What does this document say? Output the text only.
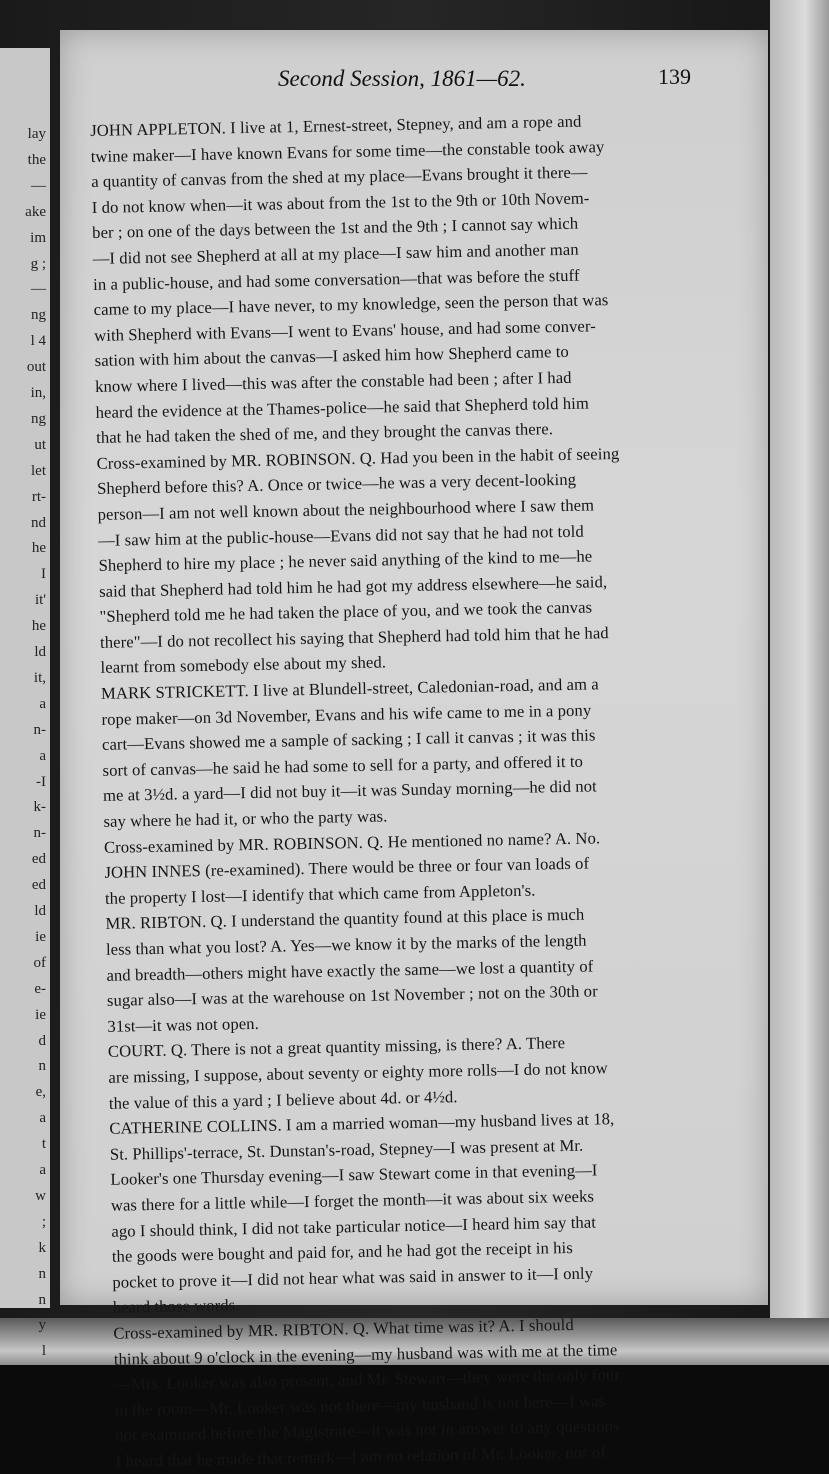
lay
the
—
ake
im
g ;
—
ng
l 4
out
in,
ng
ut
let
rt-
nd
he
I
it'
he
ld
it,
a
n-
a
-I
k-
n-
ed
ed
ld
ie
of
e-
ie
d
n
e,
a
t
a
w
;
k
n
n
y
l
Second Session, 1861—62.	139
JOHN APPLETON. I live at 1, Ernest-street, Stepney, and am a rope and
twine maker—I have known Evans for some time—the constable took away
a quantity of canvas from the shed at my place—Evans brought it there—
I do not know when—it was about from the 1st to the 9th or 10th Novem-
ber ; on one of the days between the 1st and the 9th ; I cannot say which
—I did not see Shepherd at all at my place—I saw him and another man
in a public-house, and had some conversation—that was before the stuff
came to my place—I have never, to my knowledge, seen the person that was
with Shepherd with Evans—I went to Evans' house, and had some conver-
sation with him about the canvas—I asked him how Shepherd came to
know where I lived—this was after the constable had been ; after I had
heard the evidence at the Thames-police—he said that Shepherd told him
that he had taken the shed of me, and they brought the canvas there.
Cross-examined by MR. ROBINSON. Q. Had you been in the habit of seeing
Shepherd before this? A. Once or twice—he was a very decent-looking
person—I am not well known about the neighbourhood where I saw them
—I saw him at the public-house—Evans did not say that he had not told
Shepherd to hire my place ; he never said anything of the kind to me—he
said that Shepherd had told him he had got my address elsewhere—he said,
"Shepherd told me he had taken the place of you, and we took the canvas
there"—I do not recollect his saying that Shepherd had told him that he had
learnt from somebody else about my shed.
MARK STRICKETT. I live at Blundell-street, Caledonian-road, and am a
rope maker—on 3d November, Evans and his wife came to me in a pony
cart—Evans showed me a sample of sacking ; I call it canvas ; it was this
sort of canvas—he said he had some to sell for a party, and offered it to
me at 3½d. a yard—I did not buy it—it was Sunday morning—he did not
say where he had it, or who the party was.
Cross-examined by MR. ROBINSON. Q. He mentioned no name? A. No.
JOHN INNES (re-examined). There would be three or four van loads of
the property I lost—I identify that which came from Appleton's.
MR. RIBTON. Q. I understand the quantity found at this place is much
less than what you lost? A. Yes—we know it by the marks of the length
and breadth—others might have exactly the same—we lost a quantity of
sugar also—I was at the warehouse on 1st November ; not on the 30th or
31st—it was not open.
COURT. Q. There is not a great quantity missing, is there? A. There
are missing, I suppose, about seventy or eighty more rolls—I do not know
the value of this a yard ; I believe about 4d. or 4½d.
CATHERINE COLLINS. I am a married woman—my husband lives at 18,
St. Phillips'-terrace, St. Dunstan's-road, Stepney—I was present at Mr.
Looker's one Thursday evening—I saw Stewart come in that evening—I
was there for a little while—I forget the month—it was about six weeks
ago I should think, I did not take particular notice—I heard him say that
the goods were bought and paid for, and he had got the receipt in his
pocket to prove it—I did not hear what was said in answer to it—I only
heard those words.
Cross-examined by MR. RIBTON. Q. What time was it? A. I should
think about 9 o'clock in the evening—my husband was with me at the time
—Mrs. Looker was also present, and Mr. Stewart—they were the only four
in the room—Mr. Looker was not there—my husband is not here—I was
not examined before the Magistrate—it was not in answer to any questions
I heard that he made that remark—I am no relation of Mr. Looker, nor of
